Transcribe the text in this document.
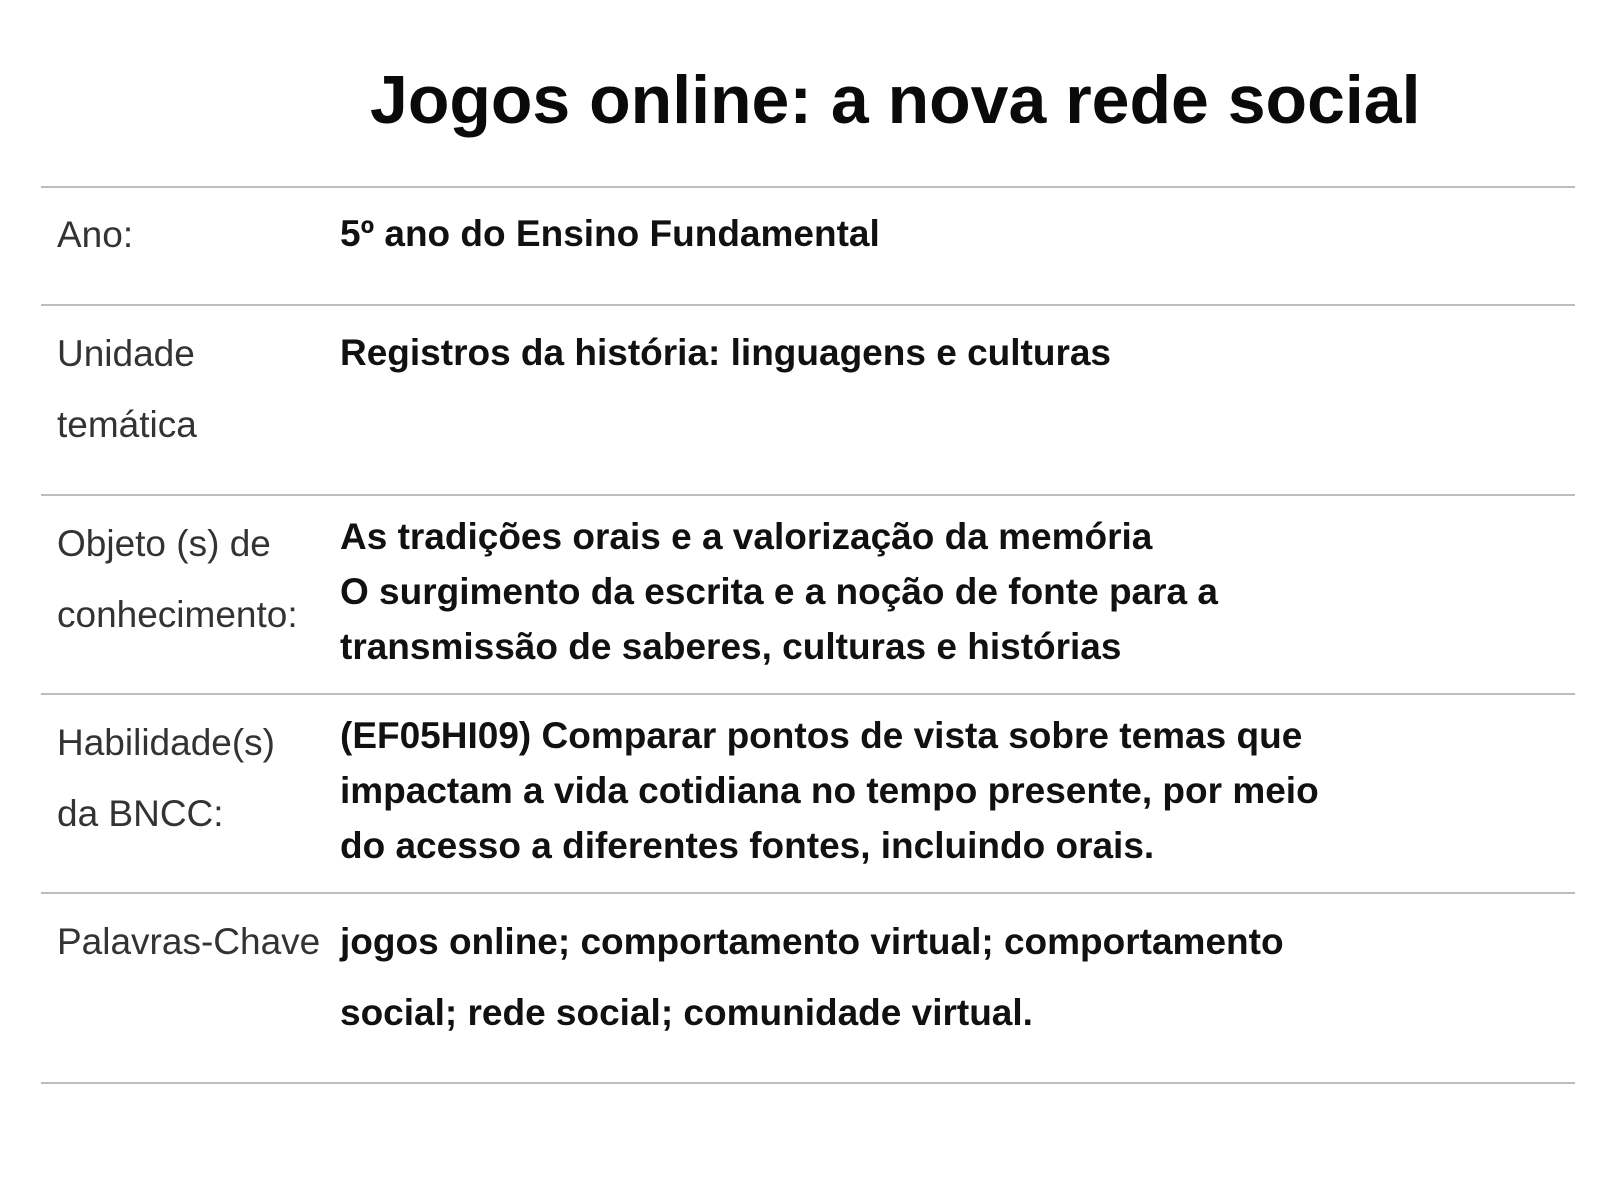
Jogos online: a nova rede social
Ano:	5º ano do Ensino Fundamental
Unidade
temática
Registros da história: linguagens e culturas
Objeto (s) de
conhecimento:
As tradições orais e a valorização da memória
O surgimento da escrita e a noção de fonte para a
transmissão de saberes, culturas e histórias
Habilidade(s)
da BNCC:
(EF05HI09) Comparar pontos de vista sobre temas que
impactam a vida cotidiana no tempo presente, por meio
do acesso a diferentes fontes, incluindo orais.
Palavras-Chave jogos online; comportamento virtual; comportamento
social; rede social; comunidade virtual.
